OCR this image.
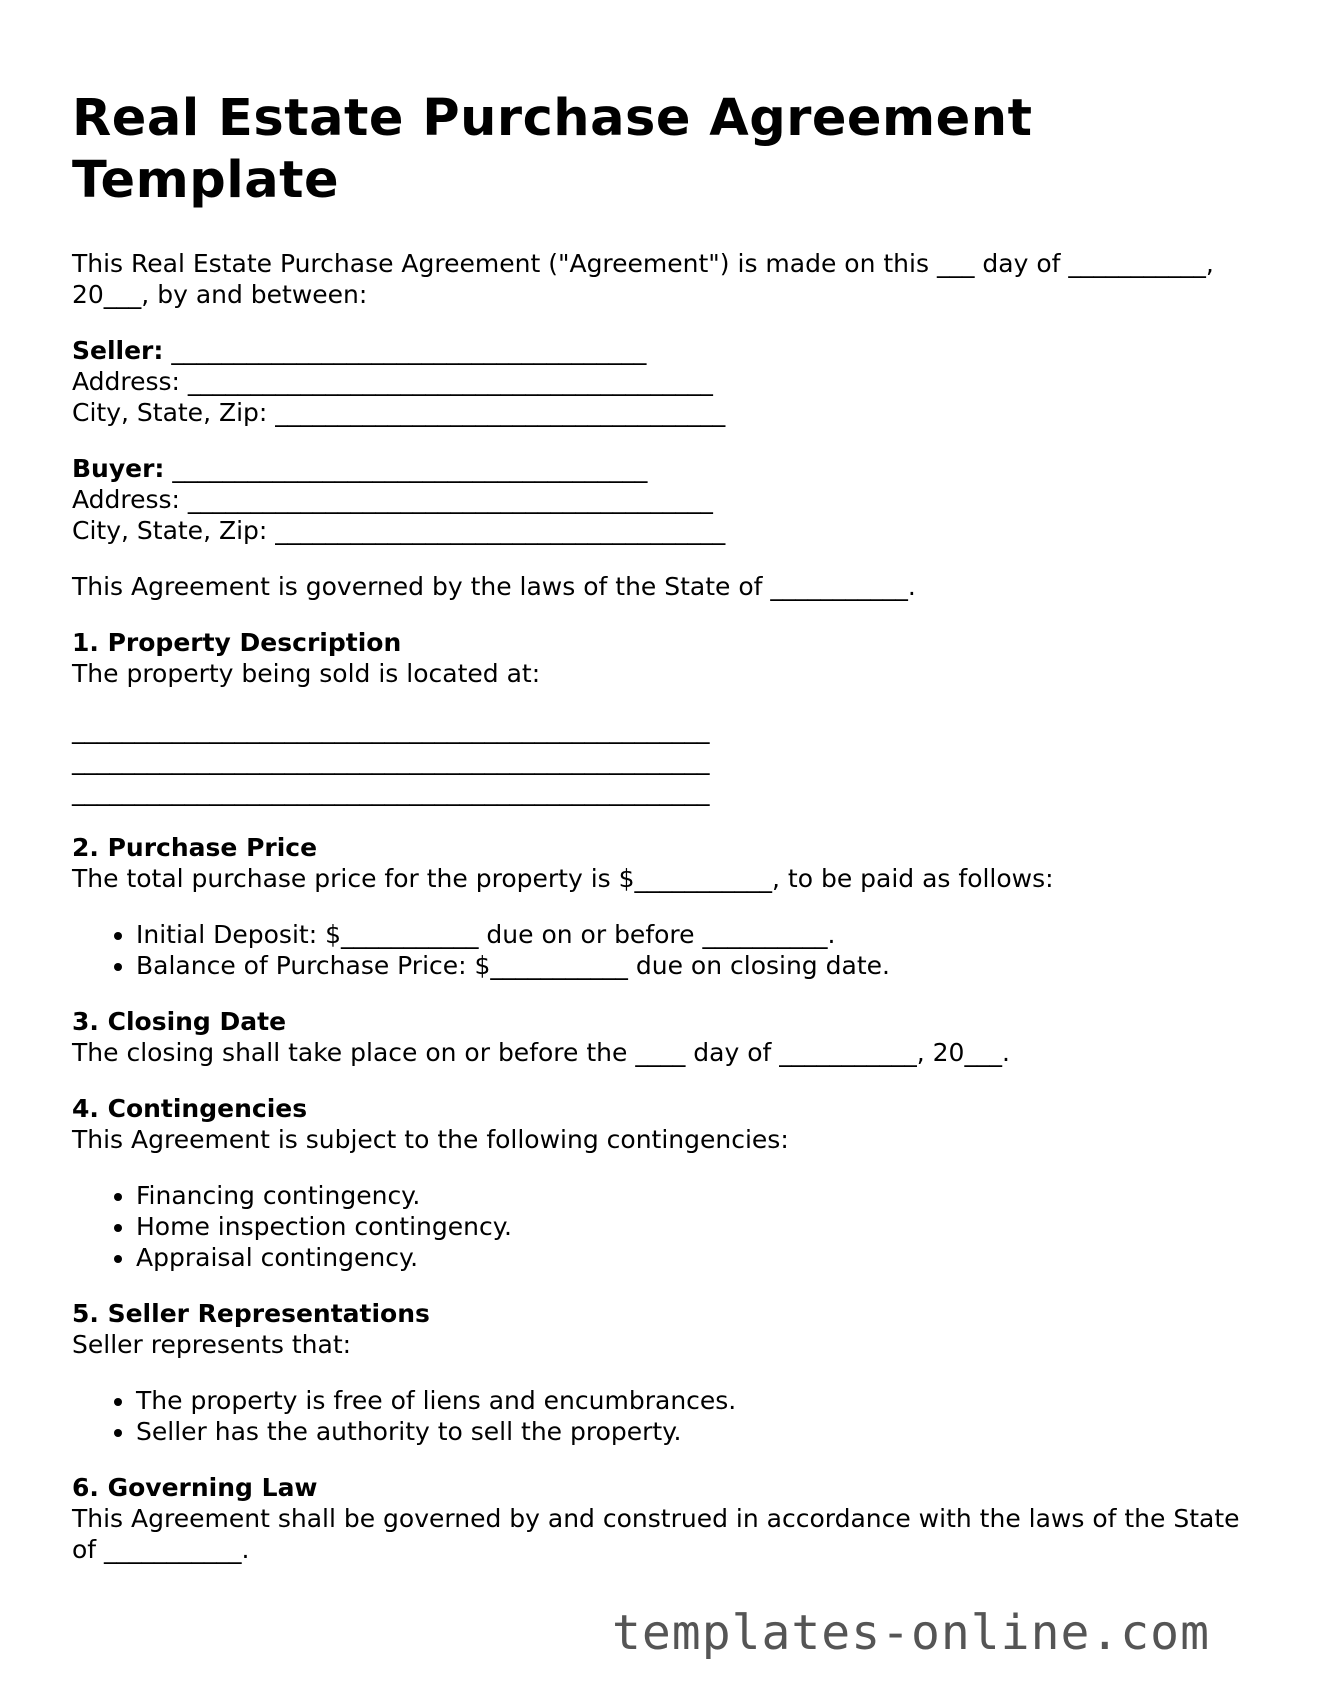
Real Estate Purchase Agreement Template

This Real Estate Purchase Agreement ("Agreement") is made on this ___ day of ___________, 20___, by and between:

Seller: ______________________________________
Address: __________________________________________
City, State, Zip: ____________________________________
Buyer: ______________________________________
Address: __________________________________________
City, State, Zip: ____________________________________

This Agreement is governed by the laws of the State of ___________.

1. Property Description
The property being sold is located at:
___________________________________________________
___________________________________________________
___________________________________________________
2. Purchase Price
The total purchase price for the property is $___________, to be paid as follows:
• Initial Deposit: $___________ due on or before __________.
• Balance of Purchase Price: $___________ due on closing date.
3. Closing Date
The closing shall take place on or before the ____ day of ___________, 20___.
4. Contingencies
This Agreement is subject to the following contingencies:
• Financing contingency.
• Home inspection contingency.
• Appraisal contingency.
5. Seller Representations
Seller represents that:
• The property is free of liens and encumbrances.
• Seller has the authority to sell the property.
6. Governing Law

This Agreement shall be governed by and construed in accordance with the laws of the State of ___________.

templates-online.com
